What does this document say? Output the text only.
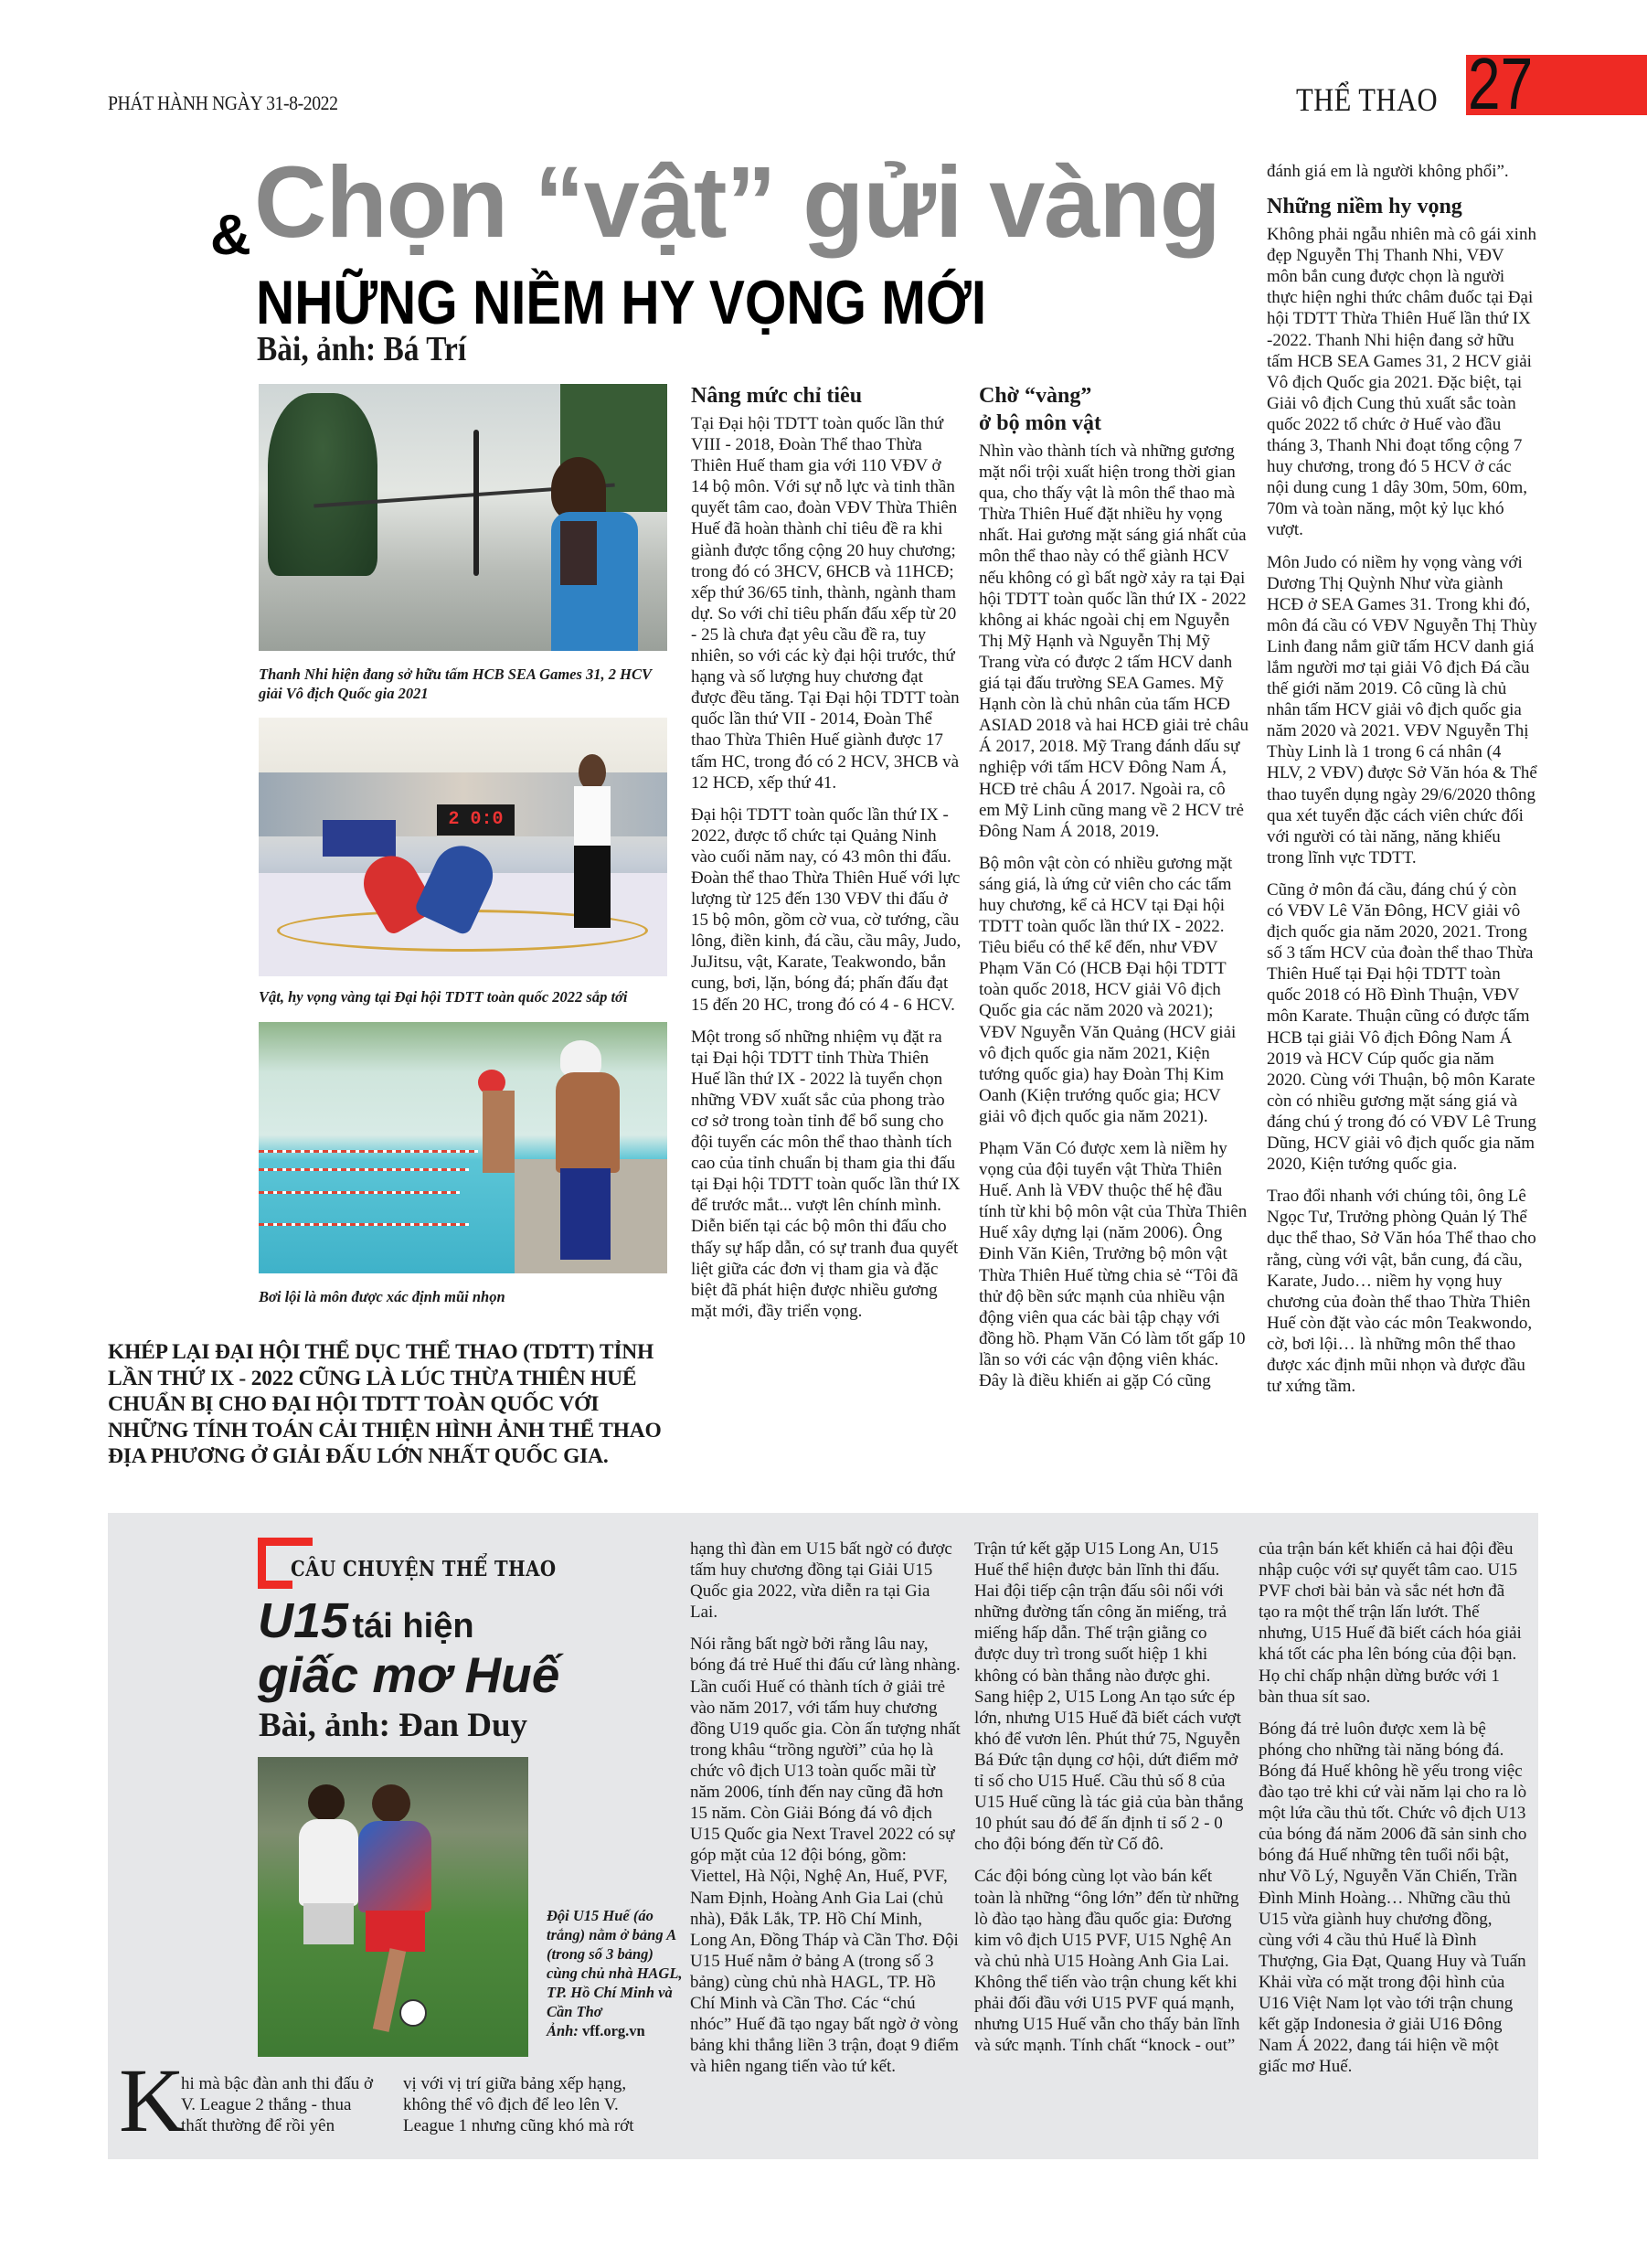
PHÁT HÀNH NGÀY 31-8-2022	THỂ THAO 27
& Chọn “vật” gửi vàng
NHỮNG NIỀM HY VỌNG MỚI
Bài, ảnh: Bá Trí
Thanh Nhi hiện đang sở hữu tấm HCB SEA Games 31, 2 HCV giải Vô địch Quốc gia 2021
2 0:0
Vật, hy vọng vàng tại Đại hội TDTT toàn quốc 2022 sắp tới
Bơi lội là môn được xác định mũi nhọn
KHÉP LẠI ĐẠI HỘI THỂ DỤC THỂ THAO (TDTT) TỈNH LẦN THỨ IX - 2022 CŨNG LÀ LÚC THỪA THIÊN HUẾ CHUẨN BỊ CHO ĐẠI HỘI TDTT TOÀN QUỐC VỚI NHỮNG TÍNH TOÁN CẢI THIỆN HÌNH ẢNH THỂ THAO ĐỊA PHƯƠNG Ở GIẢI ĐẤU LỚN NHẤT QUỐC GIA.
Nâng mức chỉ tiêu

Tại Đại hội TDTT toàn quốc lần thứ VIII - 2018, Đoàn Thể thao Thừa Thiên Huế tham gia với 110 VĐV ở 14 bộ môn. Với sự nỗ lực và tinh thần quyết tâm cao, đoàn VĐV Thừa Thiên Huế đã hoàn thành chỉ tiêu đề ra khi giành được tổng cộng 20 huy chương; trong đó có 3HCV, 6HCB và 11HCĐ; xếp thứ 36/65 tỉnh, thành, ngành tham dự. So với chỉ tiêu phấn đấu xếp từ 20 - 25 là chưa đạt yêu cầu đề ra, tuy nhiên, so với các kỳ đại hội trước, thứ hạng và số lượng huy chương đạt được đều tăng. Tại Đại hội TDTT toàn quốc lần thứ VII - 2014, Đoàn Thể thao Thừa Thiên Huế giành được 17 tấm HC, trong đó có 2 HCV, 3HCB và 12 HCĐ, xếp thứ 41.

Đại hội TDTT toàn quốc lần thứ IX - 2022, được tổ chức tại Quảng Ninh vào cuối năm nay, có 43 môn thi đấu. Đoàn thể thao Thừa Thiên Huế với lực lượng từ 125 đến 130 VĐV thi đấu ở 15 bộ môn, gồm cờ vua, cờ tướng, cầu lông, điền kinh, đá cầu, cầu mây, Judo, JuJitsu, vật, Karate, Teakwondo, bắn cung, bơi, lặn, bóng đá; phấn đấu đạt 15 đến 20 HC, trong đó có 4 - 6 HCV.

Một trong số những nhiệm vụ đặt ra tại Đại hội TDTT tỉnh Thừa Thiên Huế lần thứ IX - 2022 là tuyển chọn những VĐV xuất sắc của phong trào cơ sở trong toàn tỉnh để bổ sung cho đội tuyển các môn thể thao thành tích cao của tỉnh chuẩn bị tham gia thi đấu tại Đại hội TDTT toàn quốc lần thứ IX để trước mắt... vượt lên chính mình. Diễn biến tại các bộ môn thi đấu cho thấy sự hấp dẫn, có sự tranh đua quyết liệt giữa các đơn vị tham gia và đặc biệt đã phát hiện được nhiều gương mặt mới, đầy triển vọng.

Chờ “vàng”
ở bộ môn vật

Nhìn vào thành tích và những gương mặt nổi trội xuất hiện trong thời gian qua, cho thấy vật là môn thể thao mà Thừa Thiên Huế đặt nhiều hy vọng nhất. Hai gương mặt sáng giá nhất của môn thể thao này có thể giành HCV nếu không có gì bất ngờ xảy ra tại Đại hội TDTT toàn quốc lần thứ IX - 2022 không ai khác ngoài chị em Nguyễn Thị Mỹ Hạnh và Nguyễn Thị Mỹ Trang vừa có được 2 tấm HCV danh giá tại đấu trường SEA Games. Mỹ Hạnh còn là chủ nhân của tấm HCĐ ASIAD 2018 và hai HCĐ giải trẻ châu Á 2017, 2018. Mỹ Trang đánh dấu sự nghiệp với tấm HCV Đông Nam Á, HCĐ trẻ châu Á 2017. Ngoài ra, cô em Mỹ Linh cũng mang về 2 HCV trẻ Đông Nam Á 2018, 2019.

Bộ môn vật còn có nhiều gương mặt sáng giá, là ứng cử viên cho các tấm huy chương, kể cả HCV tại Đại hội TDTT toàn quốc lần thứ IX - 2022. Tiêu biểu có thể kể đến, như VĐV Phạm Văn Có (HCB Đại hội TDTT toàn quốc 2018, HCV giải Vô địch Quốc gia các năm 2020 và 2021); VĐV Nguyễn Văn Quảng (HCV giải vô địch quốc gia năm 2021, Kiện tướng quốc gia) hay Đoàn Thị Kim Oanh (Kiện trướng quốc gia; HCV giải vô địch quốc gia năm 2021).

Phạm Văn Có được xem là niềm hy vọng của đội tuyển vật Thừa Thiên Huế. Anh là VĐV thuộc thế hệ đầu tính từ khi bộ môn vật của Thừa Thiên Huế xây dựng lại (năm 2006). Ông Đinh Văn Kiên, Trưởng bộ môn vật Thừa Thiên Huế từng chia sẻ “Tôi đã thử độ bền sức mạnh của nhiều vận động viên qua các bài tập chạy với đồng hồ. Phạm Văn Có làm tốt gấp 10 lần so với các vận động viên khác. Đây là điều khiến ai gặp Có cũng

đánh giá em là người không phổi”.

Những niềm hy vọng

Không phải ngẫu nhiên mà cô gái xinh đẹp Nguyễn Thị Thanh Nhi, VĐV môn bắn cung được chọn là người thực hiện nghi thức châm đuốc tại Đại hội TDTT Thừa Thiên Huế lần thứ IX -2022. Thanh Nhi hiện đang sở hữu tấm HCB SEA Games 31, 2 HCV giải Vô địch Quốc gia 2021. Đặc biệt, tại Giải vô địch Cung thủ xuất sắc toàn quốc 2022 tổ chức ở Huế vào đầu tháng 3, Thanh Nhi đoạt tổng cộng 7 huy chương, trong đó 5 HCV ở các nội dung cung 1 dây 30m, 50m, 60m, 70m và toàn năng, một kỷ lục khó vượt.

Môn Judo có niềm hy vọng vàng với Dương Thị Quỳnh Như vừa giành HCĐ ở SEA Games 31. Trong khi đó, môn đá cầu có VĐV Nguyễn Thị Thùy Linh đang nắm giữ tấm HCV danh giá lắm người mơ tại giải Vô địch Đá cầu thế giới năm 2019. Cô cũng là chủ nhân tấm HCV giải vô địch quốc gia năm 2020 và 2021. VĐV Nguyễn Thị Thùy Linh là 1 trong 6 cá nhân (4 HLV, 2 VĐV) được Sở Văn hóa & Thể thao tuyển dụng ngày 29/6/2020 thông qua xét tuyển đặc cách viên chức đối với người có tài năng, năng khiếu trong lĩnh vực TDTT.

Cũng ở môn đá cầu, đáng chú ý còn có VĐV Lê Văn Đông, HCV giải vô địch quốc gia năm 2020, 2021. Trong số 3 tấm HCV của đoàn thể thao Thừa Thiên Huế tại Đại hội TDTT toàn quốc 2018 có Hồ Đình Thuận, VĐV môn Karate. Thuận cũng có được tấm HCB tại giải Vô địch Đông Nam Á 2019 và HCV Cúp quốc gia năm 2020. Cùng với Thuận, bộ môn Karate còn có nhiều gương mặt sáng giá và đáng chú ý trong đó có VĐV Lê Trung Dũng, HCV giải vô địch quốc gia năm 2020, Kiện tướng quốc gia.

Trao đổi nhanh với chúng tôi, ông Lê Ngọc Tư, Trưởng phòng Quản lý Thể dục thể thao, Sở Văn hóa Thể thao cho rằng, cùng với vật, bắn cung, đá cầu, Karate, Judo… niềm hy vọng huy chương của đoàn thể thao Thừa Thiên Huế còn đặt vào các môn Teakwondo, cờ, bơi lội… là những môn thể thao được xác định mũi nhọn và được đầu tư xứng tầm.

CÂU CHUYỆN THỂ THAO
U15 tái hiện
giấc mơ Huế
Bài, ảnh: Đan Duy
Đội U15 Huế (áo trắng) nằm ở bảng A (trong số 3 bảng) cùng chủ nhà HAGL, TP. Hồ Chí Minh và Cần Thơ
Ảnh: vff.org.vn
K
hi mà bậc đàn anh thi đấu ở V. League 2 thắng - thua thất thường để rồi yên
vị với vị trí giữa bảng xếp hạng, không thể vô địch để leo lên V. League 1 nhưng cũng khó mà rớt

hạng thì đàn em U15 bất ngờ có được tấm huy chương đồng tại Giải U15 Quốc gia 2022, vừa diễn ra tại Gia Lai.

Nói rằng bất ngờ bởi rằng lâu nay, bóng đá trẻ Huế thi đấu cứ làng nhàng. Lần cuối Huế có thành tích ở giải trẻ vào năm 2017, với tấm huy chương đồng U19 quốc gia. Còn ấn tượng nhất trong khâu “trồng người” của họ là chức vô địch U13 toàn quốc mãi từ năm 2006, tính đến nay cũng đã hơn 15 năm. Còn Giải Bóng đá vô địch U15 Quốc gia Next Travel 2022 có sự góp mặt của 12 đội bóng, gồm: Viettel, Hà Nội, Nghệ An, Huế, PVF, Nam Định, Hoàng Anh Gia Lai (chủ nhà), Đắk Lắk, TP. Hồ Chí Minh, Long An, Đồng Tháp và Cần Thơ. Đội U15 Huế nằm ở bảng A (trong số 3 bảng) cùng chủ nhà HAGL, TP. Hồ Chí Minh và Cần Thơ. Các “chú nhóc” Huế đã tạo ngay bất ngờ ở vòng bảng khi thắng liền 3 trận, đoạt 9 điểm và hiên ngang tiến vào tứ kết.

Trận tứ kết gặp U15 Long An, U15 Huế thể hiện được bản lĩnh thi đấu. Hai đội tiếp cận trận đấu sôi nổi với những đường tấn công ăn miếng, trả miếng hấp dẫn. Thế trận giằng co được duy trì trong suốt hiệp 1 khi không có bàn thắng nào được ghi. Sang hiệp 2, U15 Long An tạo sức ép lớn, nhưng U15 Huế đã biết cách vượt khó để vươn lên. Phút thứ 75, Nguyễn Bá Đức tận dụng cơ hội, dứt điểm mở tỉ số cho U15 Huế. Cầu thủ số 8 của U15 Huế cũng là tác giả của bàn thắng 10 phút sau đó để ấn định tỉ số 2 - 0 cho đội bóng đến từ Cố đô.

Các đội bóng cùng lọt vào bán kết toàn là những “ông lớn” đến từ những lò đào tạo hàng đầu quốc gia: Đương kim vô địch U15 PVF, U15 Nghệ An và chủ nhà U15 Hoàng Anh Gia Lai. Không thể tiến vào trận chung kết khi phải đối đầu với U15 PVF quá mạnh, nhưng U15 Huế vẫn cho thấy bản lĩnh và sức mạnh. Tính chất “knock - out”

của trận bán kết khiến cả hai đội đều nhập cuộc với sự quyết tâm cao. U15 PVF chơi bài bản và sắc nét hơn đã tạo ra một thế trận lấn lướt. Thế nhưng, U15 Huế đã biết cách hóa giải khá tốt các pha lên bóng của đội bạn. Họ chỉ chấp nhận dừng bước với 1 bàn thua sít sao.

Bóng đá trẻ luôn được xem là bệ phóng cho những tài năng bóng đá. Bóng đá Huế không hề yếu trong việc đào tạo trẻ khi cứ vài năm lại cho ra lò một lứa cầu thủ tốt. Chức vô địch U13 của bóng đá năm 2006 đã sản sinh cho bóng đá Huế những tên tuổi nổi bật, như Võ Lý, Nguyễn Văn Chiến, Trần Đình Minh Hoàng… Những cầu thủ U15 vừa giành huy chương đồng, cùng với 4 cầu thủ Huế là Đình Thượng, Gia Đạt, Quang Huy và Tuấn Khải vừa có mặt trong đội hình của U16 Việt Nam lọt vào tới trận chung kết gặp Indonesia ở giải U16 Đông Nam Á 2022, đang tái hiện về một giấc mơ Huế.
